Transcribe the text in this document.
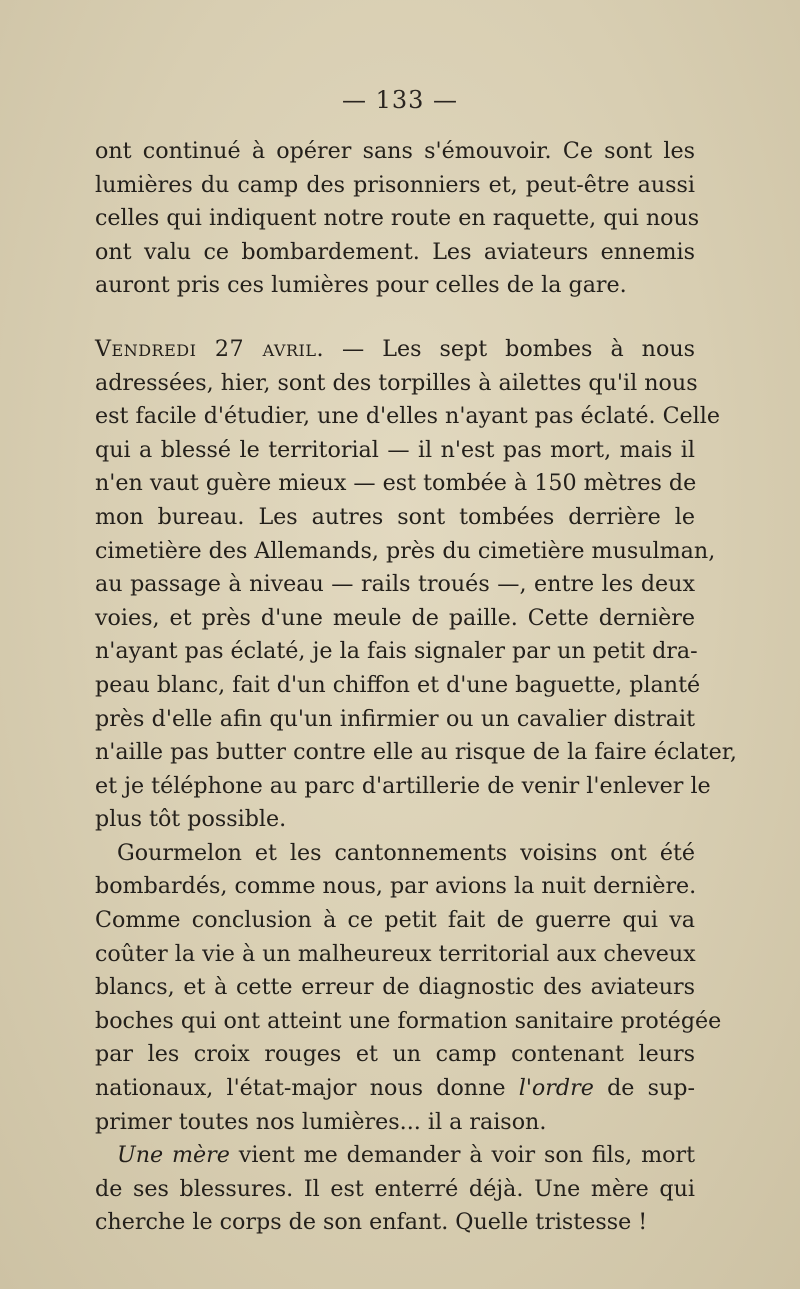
— 133 —
ont continué à opérer sans s'émouvoir. Ce sont les
lumières du camp des prisonniers et, peut-être aussi
celles qui indiquent notre route en raquette, qui nous
ont valu ce bombardement. Les aviateurs ennemis
auront pris ces lumières pour celles de la gare.
Vendredi 27 avril. — Les sept bombes à nous
adressées, hier, sont des torpilles à ailettes qu'il nous
est facile d'étudier, une d'elles n'ayant pas éclaté. Celle
qui a blessé le territorial — il n'est pas mort, mais il
n'en vaut guère mieux — est tombée à 150 mètres de
mon bureau. Les autres sont tombées derrière le
cimetière des Allemands, près du cimetière musulman,
au passage à niveau — rails troués —, entre les deux
voies, et près d'une meule de paille. Cette dernière
n'ayant pas éclaté, je la fais signaler par un petit dra-
peau blanc, fait d'un chiffon et d'une baguette, planté
près d'elle afin qu'un infirmier ou un cavalier distrait
n'aille pas butter contre elle au risque de la faire éclater,
et je téléphone au parc d'artillerie de venir l'enlever le
plus tôt possible.
Gourmelon et les cantonnements voisins ont été
bombardés, comme nous, par avions la nuit dernière.
Comme conclusion à ce petit fait de guerre qui va
coûter la vie à un malheureux territorial aux cheveux
blancs, et à cette erreur de diagnostic des aviateurs
boches qui ont atteint une formation sanitaire protégée
par les croix rouges et un camp contenant leurs
nationaux, l'état-major nous donne l'ordre de sup-
primer toutes nos lumières... il a raison.
Une mère vient me demander à voir son fils, mort
de ses blessures. Il est enterré déjà. Une mère qui
cherche le corps de son enfant. Quelle tristesse !
